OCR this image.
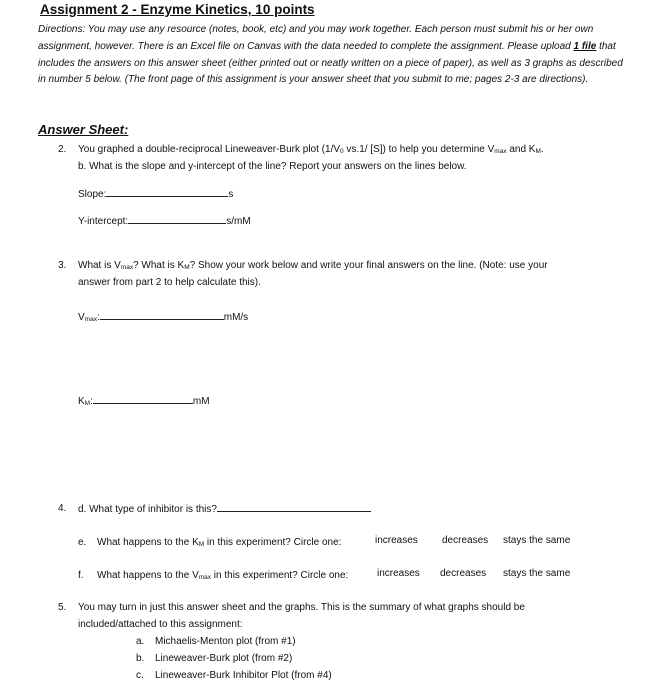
Assignment 2 - Enzyme Kinetics, 10 points
Directions: You may use any resource (notes, book, etc) and you may work together. Each person must submit his or her own assignment, however. There is an Excel file on Canvas with the data needed to complete the assignment. Please upload 1 file that includes the answers on this answer sheet (either printed out or neatly written on a piece of paper), as well as 3 graphs as described in number 5 below. (The front page of this assignment is your answer sheet that you submit to me; pages 2-3 are directions).
Answer Sheet:
2. You graphed a double-reciprocal Lineweaver-Burk plot ($1/V_0$ vs.1/ [S]) to help you determine $V_{max}$ and $K_M$.
b. What is the slope and y-intercept of the line? Report your answers on the lines below.
Slope:	s
Y-intercept:	s/mM
3. What is $V_{max}$? What is $K_M$? Show your work below and write your final answers on the line. (Note: use your
answer from part 2 to help calculate this).
$V_{max}$:	mM/s
$K_M$:	mM
4. d. What type of inhibitor is this?
e. What happens to the $K_M$ in this experiment? Circle one:	increases decreases stays the same
f. What happens to the $V_{max}$ in this experiment? Circle one:	increases decreases stays the same
5. You may turn in just this answer sheet and the graphs. This is the summary of what graphs should be
included/attached to this assignment:
a. Michaelis-Menton plot (from #1)
b. Lineweaver-Burk plot (from #2)
c. Lineweaver-Burk Inhibitor Plot (from #4)
